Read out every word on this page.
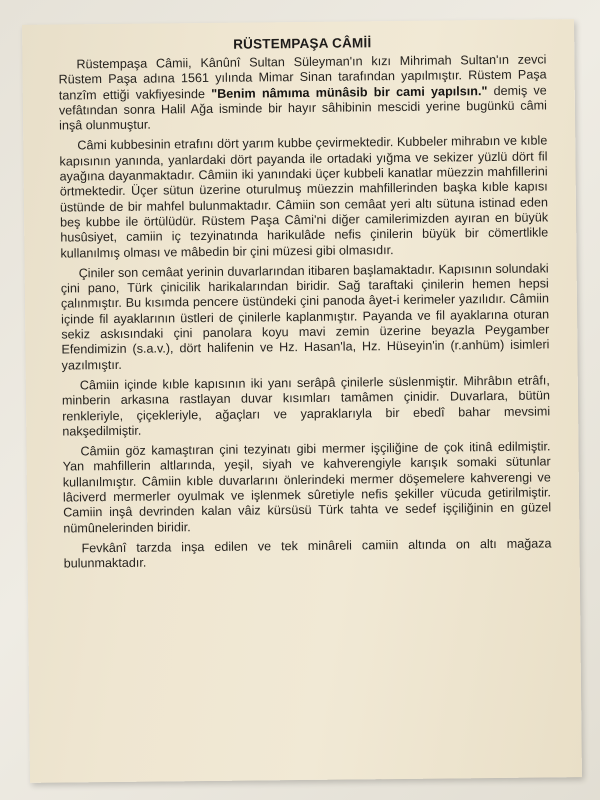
RÜSTEMPAŞA CÂMİİ

Rüstempaşa Câmii, Kânûnî Sultan Süleyman'ın kızı Mihrimah Sultan'ın zevci Rüstem Paşa adına 1561 yılında Mimar Sinan tarafından yapılmıştır. Rüstem Paşa tanzîm ettiği vakfiyesinde "Benim nâmıma münâsib bir cami yapılsın." demiş ve vefâtından sonra Halil Ağa isminde bir hayır sâhibinin mescidi yerine bugünkü câmi inşâ olunmuştur.

Câmi kubbesinin etrafını dört yarım kubbe çevirmektedir. Kubbeler mihrabın ve kıble kapısının yanında, yanlardaki dört payanda ile ortadaki yığma ve sekizer yüzlü dört fil ayağına dayanmaktadır. Câmiin iki yanındaki üçer kubbeli kanatlar müezzin mahfillerini örtmektedir. Üçer sütun üzerine oturulmuş müezzin mahfillerinden başka kıble kapısı üstünde de bir mahfel bulunmaktadır. Câmiin son cemâat yeri altı sütuna istinad eden beş kubbe ile örtülüdür. Rüstem Paşa Câmi'ni diğer camilerimizden ayıran en büyük husûsiyet, camiin iç tezyinatında harikulâde nefis çinilerin büyük bir cömertlikle kullanılmış olması ve mâbedin bir çini müzesi gibi olmasıdır.

Çiniler son cemâat yerinin duvarlarından itibaren başlamaktadır. Kapısının solundaki çini pano, Türk çinicilik harikalarından biridir. Sağ taraftaki çinilerin hemen hepsi çalınmıştır. Bu kısımda pencere üstündeki çini panoda âyet-i kerimeler yazılıdır. Câmiin içinde fil ayaklarının üstleri de çinilerle kaplanmıştır. Payanda ve fil ayaklarına oturan sekiz askısındaki çini panolara koyu mavi zemin üzerine beyazla Peygamber Efendimizin (s.a.v.), dört halifenin ve Hz. Hasan'la, Hz. Hüseyin'in (r.anhüm) isimleri yazılmıştır.

Câmiin içinde kıble kapısının iki yanı serâpâ çinilerle süslenmiştir. Mihrâbın etrâfı, minberin arkasına rastlayan duvar kısımları tamâmen çinidir. Duvarlara, bütün renkleriyle, çiçekleriyle, ağaçları ve yapraklarıyla bir ebedî bahar mevsimi nakşedilmiştir.

Câmiin göz kamaştıran çini tezyinatı gibi mermer işçiliğine de çok itinâ edilmiştir. Yan mahfillerin altlarında, yeşil, siyah ve kahverengiyle karışık somaki sütunlar kullanılmıştır. Câmiin kıble duvarlarını önlerindeki mermer döşemelere kahverengi ve lâciverd mermerler oyulmak ve işlenmek sûretiyle nefis şekiller vücuda getirilmiştir. Camiin inşâ devrinden kalan vâiz kürsüsü Türk tahta ve sedef işçiliğinin en güzel nümûnelerinden biridir.

Fevkânî tarzda inşa edilen ve tek minâreli camiin altında on altı mağaza bulunmaktadır.
